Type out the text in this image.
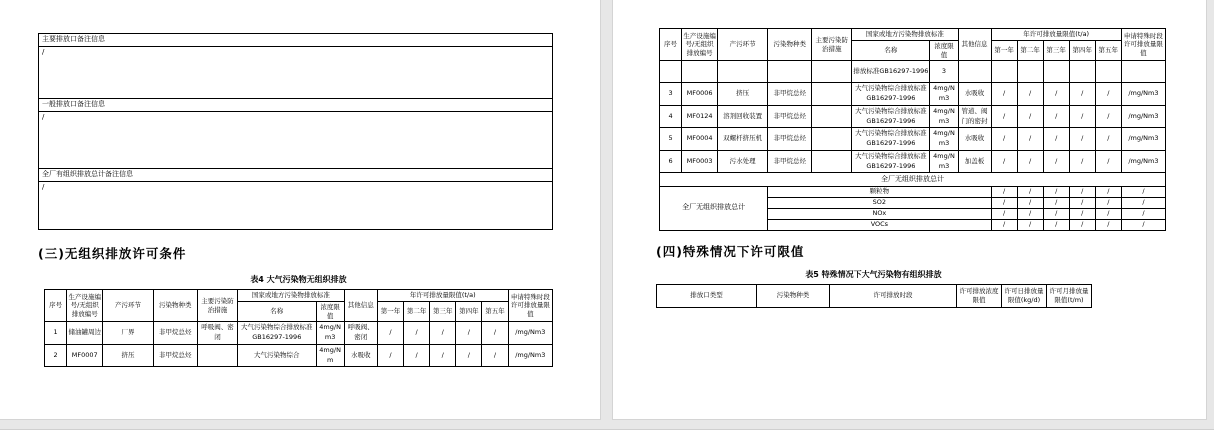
主要排放口备注信息
/
一般排放口备注信息
/
全厂有组织排放总计备注信息
/
(三)无组织排放许可条件
表4 大气污染物无组织排放
序号	生产设施编号/无组织排放编号	产污环节	污染物种类	主要污染防治措施	国家或地方污染物排放标准		其他信息	年许可排放量限值(t/a)					申请特殊时段许可排放量限值
					名称	浓度限值		第一年	第二年	第三年	第四年	第五年	
1	储油罐周边	厂界	非甲烷总烃	呼吸阀、密闭	大气污染物综合排放标准GB16297-1996	4mg/Nm3	呼吸阀、密闭	/	/	/	/	/	/mg/Nm3
2	MF0007	挤压	非甲烷总烃		大气污染物综合	4mg/Nm	水吸收	/	/	/	/	/	/mg/Nm3
序号	生产设施编号/无组织排放编号	产污环节	污染物种类	主要污染防治措施	国家或地方污染物排放标准		其他信息	年许可排放量限值(t/a)					申请特殊时段许可排放量限值
					名称	浓度限值		第一年	第二年	第三年	第四年	第五年	
					排放标准GB16297-1996	3							
3	MF0006	挤压	非甲烷总烃		大气污染物综合排放标准GB16297-1996	4mg/Nm3	水吸收	/	/	/	/	/	/mg/Nm3
4	MF0124	溶剂回收装置	非甲烷总烃		大气污染物综合排放标准GB16297-1996	4mg/Nm3	管道、阀门的密封	/	/	/	/	/	/mg/Nm3
5	MF0004	双螺杆挤压机	非甲烷总烃		大气污染物综合排放标准GB16297-1996	4mg/Nm3	水吸收	/	/	/	/	/	/mg/Nm3
6	MF0003	污水处理	非甲烷总烃		大气污染物综合排放标准GB16297-1996	4mg/Nm3	加盖板	/	/	/	/	/	/mg/Nm3
全厂无组织排放总计													
全厂无组织排放总计			颗粒物					/	/	/	/	/	/
			SO2					/	/	/	/	/	/
			NOx					/	/	/	/	/	/
			VOCs					/	/	/	/	/	/
(四)特殊情况下许可限值
表5 特殊情况下大气污染物有组织排放
排放口类型	污染物种类	许可排放时段	许可排放浓度限值	许可日排放量限值(kg/d)	许可月排放量限值(t/m)
